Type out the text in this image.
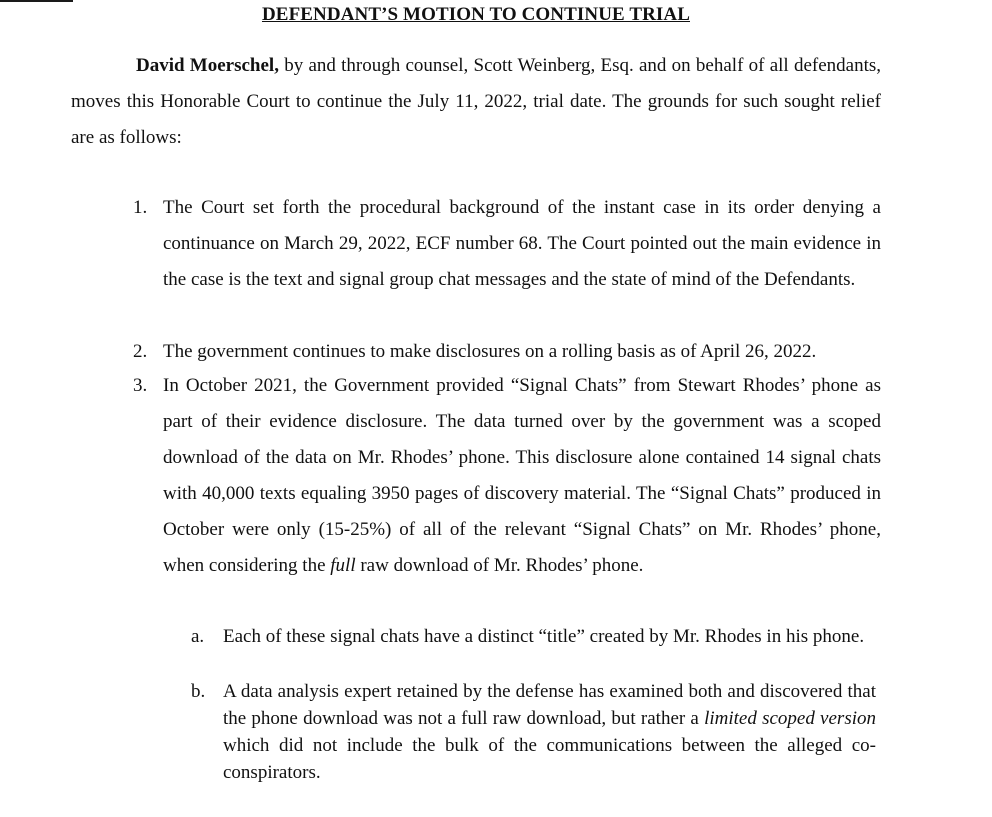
DEFENDANT’S MOTION TO CONTINUE TRIAL
David Moerschel, by and through counsel, Scott Weinberg, Esq. and on behalf of all defendants, moves this Honorable Court to continue the July 11, 2022, trial date. The grounds for such sought relief are as follows:
1. The Court set forth the procedural background of the instant case in its order denying a continuance on March 29, 2022, ECF number 68. The Court pointed out the main evidence in the case is the text and signal group chat messages and the state of mind of the Defendants.
2. The government continues to make disclosures on a rolling basis as of April 26, 2022.
3. In October 2021, the Government provided “Signal Chats” from Stewart Rhodes’ phone as part of their evidence disclosure. The data turned over by the government was a scoped download of the data on Mr. Rhodes’ phone. This disclosure alone contained 14 signal chats with 40,000 texts equaling 3950 pages of discovery material. The “Signal Chats” produced in October were only (15-25%) of all of the relevant “Signal Chats” on Mr. Rhodes’ phone, when considering the full raw download of Mr. Rhodes’ phone.
a. Each of these signal chats have a distinct “title” created by Mr. Rhodes in his phone.
b. A data analysis expert retained by the defense has examined both and discovered that the phone download was not a full raw download, but rather a limited scoped version which did not include the bulk of the communications between the alleged co-conspirators.
